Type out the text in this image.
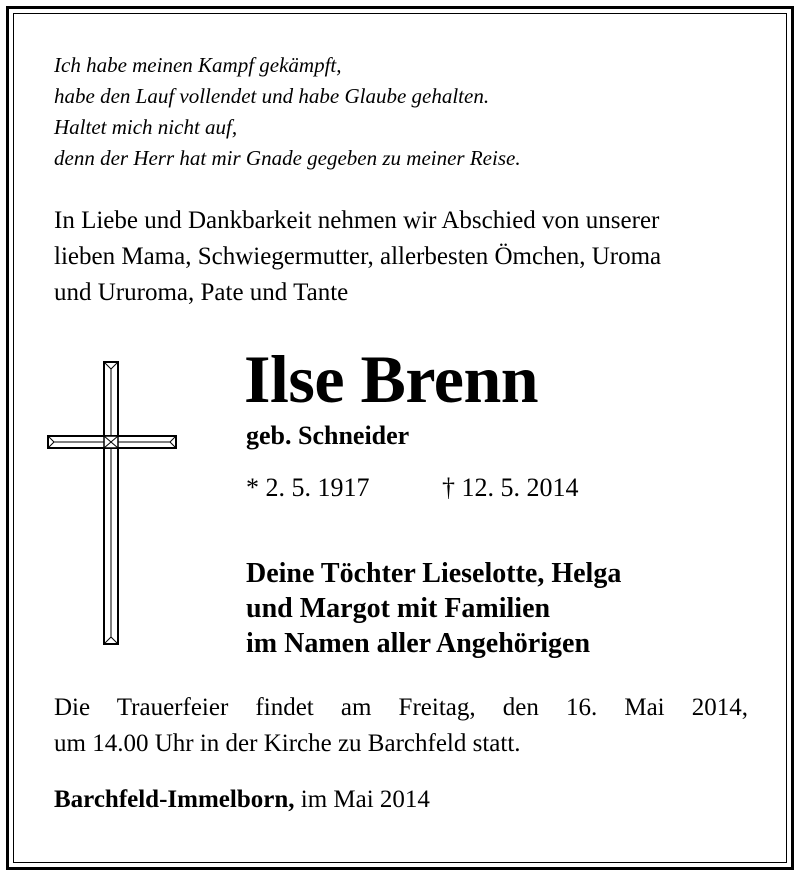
Ich habe meinen Kampf gekämpft,
habe den Lauf vollendet und habe Glaube gehalten.
Haltet mich nicht auf,
denn der Herr hat mir Gnade gegeben zu meiner Reise.
In Liebe und Dankbarkeit nehmen wir Abschied von unserer
lieben Mama, Schwiegermutter, allerbesten Ömchen, Uroma
und Ururoma, Pate und Tante
Ilse Brenn
geb. Schneider
* 2. 5. 1917	† 12. 5. 2014
Deine Töchter Lieselotte, Helga
und Margot mit Familien
im Namen aller Angehörigen
Die Trauerfeier findet am Freitag, den 16. Mai 2014,
um 14.00 Uhr in der Kirche zu Barchfeld statt.
Barchfeld-Immelborn, im Mai 2014
